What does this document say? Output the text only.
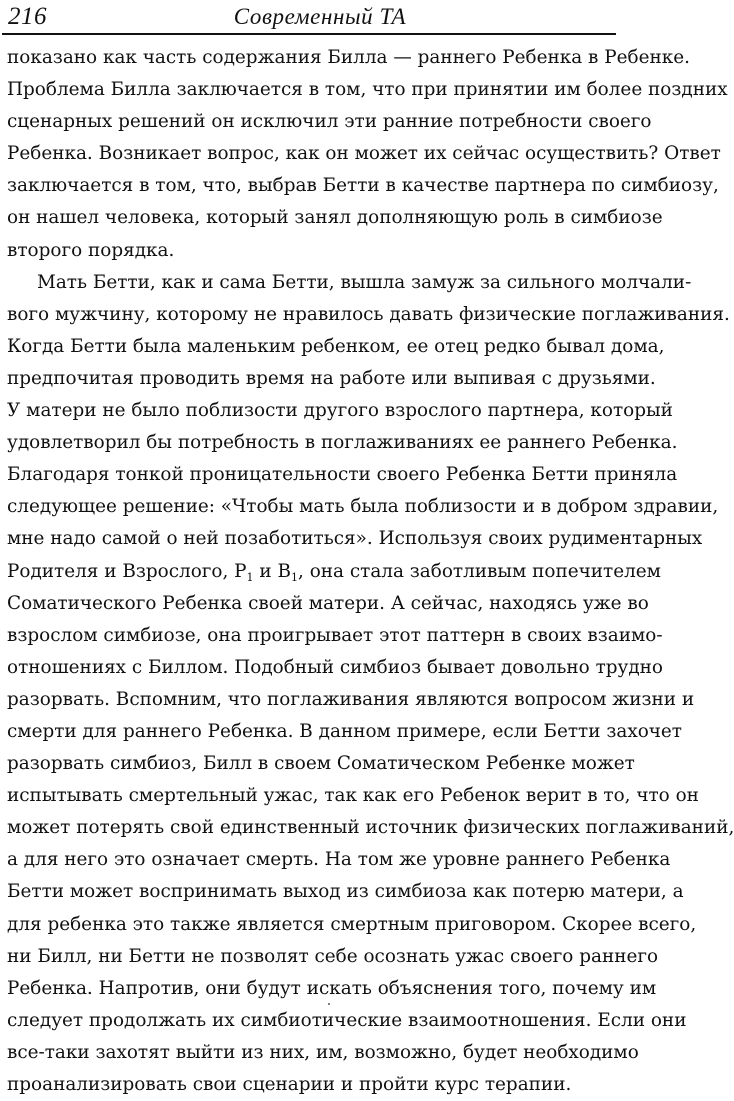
216	Современный ТА
показано как часть содержания Билла — раннего Ребенка в Ребенке.
Проблема Билла заключается в том, что при принятии им более поздних
сценарных решений он исключил эти ранние потребности своего
Ребенка. Возникает вопрос, как он может их сейчас осуществить? Ответ
заключается в том, что, выбрав Бетти в качестве партнера по симбиозу,
он нашел человека, который занял дополняющую роль в симбиозе
второго порядка.
Мать Бетти, как и сама Бетти, вышла замуж за сильного молчали-
вого мужчину, которому не нравилось давать физические поглаживания.
Когда Бетти была маленьким ребенком, ее отец редко бывал дома,
предпочитая проводить время на работе или выпивая с друзьями.
У матери не было поблизости другого взрослого партнера, который
удовлетворил бы потребность в поглаживаниях ее раннего Ребенка.
Благодаря тонкой проницательности своего Ребенка Бетти приняла
следующее решение: «Чтобы мать была поблизости и в добром здравии,
мне надо самой о ней позаботиться». Используя своих рудиментарных
Родителя и Взрослого, $Р_1$ и $В_1$, она стала заботливым попечителем
Соматического Ребенка своей матери. А сейчас, находясь уже во
взрослом симбиозе, она проигрывает этот паттерн в своих взаимо-
отношениях с Биллом. Подобный симбиоз бывает довольно трудно
разорвать. Вспомним, что поглаживания являются вопросом жизни и
смерти для раннего Ребенка. В данном примере, если Бетти захочет
разорвать симбиоз, Билл в своем Соматическом Ребенке может
испытывать смертельный ужас, так как его Ребенок верит в то, что он
может потерять свой единственный источник физических поглаживаний,
а для него это означает смерть. На том же уровне раннего Ребенка
Бетти может воспринимать выход из симбиоза как потерю матери, а
для ребенка это также является смертным приговором. Скорее всего,
ни Билл, ни Бетти не позволят себе осознать ужас своего раннего
Ребенка. Напротив, они будут искать объяснения того, почему им
следует продолжать их симбиотические взаимоотношения. Если они
все-таки захотят выйти из них, им, возможно, будет необходимо
проанализировать свои сценарии и пройти курс терапии.
